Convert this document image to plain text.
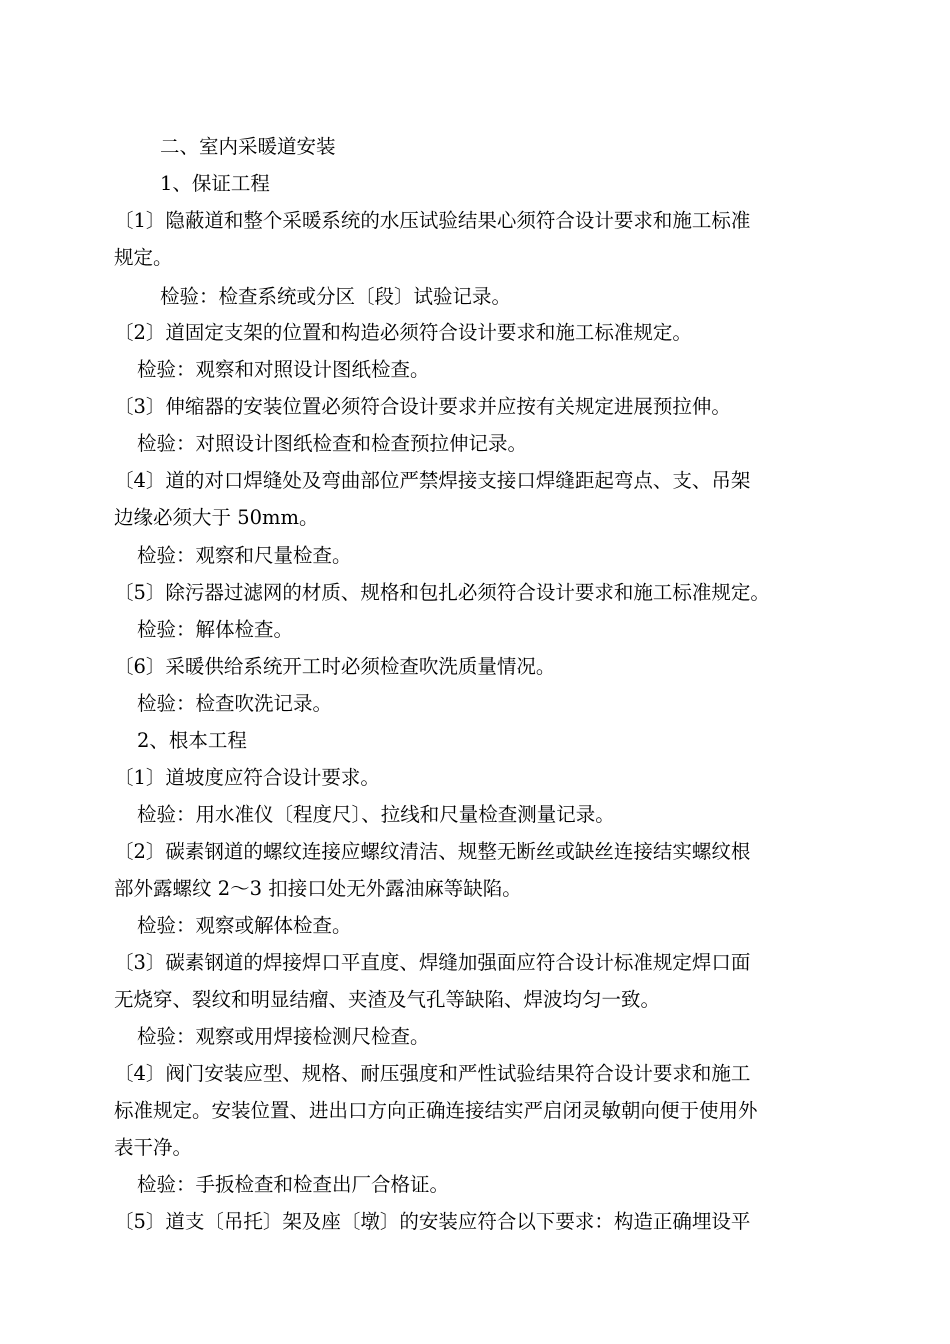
二、室内采暖道安装
1、保证工程
〔1〕隐蔽道和整个采暖系统的水压试验结果心须符合设计要求和施工标准
规定。
检验：检查系统或分区〔段〕试验记录。
〔2〕道固定支架的位置和构造必须符合设计要求和施工标准规定。
检验：观察和对照设计图纸检查。
〔3〕伸缩器的安装位置必须符合设计要求并应按有关规定进展预拉伸。
检验：对照设计图纸检查和检查预拉伸记录。
〔4〕道的对口焊缝处及弯曲部位严禁焊接支接口焊缝距起弯点、支、吊架
边缘必须大于 50mm。
检验：观察和尺量检查。
〔5〕除污器过滤网的材质、规格和包扎必须符合设计要求和施工标准规定。
检验：解体检查。
〔6〕采暖供给系统开工时必须检查吹洗质量情况。
检验：检查吹洗记录。
2、根本工程
〔1〕道坡度应符合设计要求。
检验：用水准仪〔程度尺〕、拉线和尺量检查测量记录。
〔2〕碳素钢道的螺纹连接应螺纹清洁、规整无断丝或缺丝连接结实螺纹根
部外露螺纹 2～3 扣接口处无外露油麻等缺陷。
检验：观察或解体检查。
〔3〕碳素钢道的焊接焊口平直度、焊缝加强面应符合设计标准规定焊口面
无烧穿、裂纹和明显结瘤、夹渣及气孔等缺陷、焊波均匀一致。
检验：观察或用焊接检测尺检查。
〔4〕阀门安装应型、规格、耐压强度和严性试验结果符合设计要求和施工
标准规定。安装位置、进出口方向正确连接结实严启闭灵敏朝向便于使用外
表干净。
检验：手扳检查和检查出厂合格证。
〔5〕道支〔吊托〕架及座〔墩〕的安装应符合以下要求：构造正确埋设平
